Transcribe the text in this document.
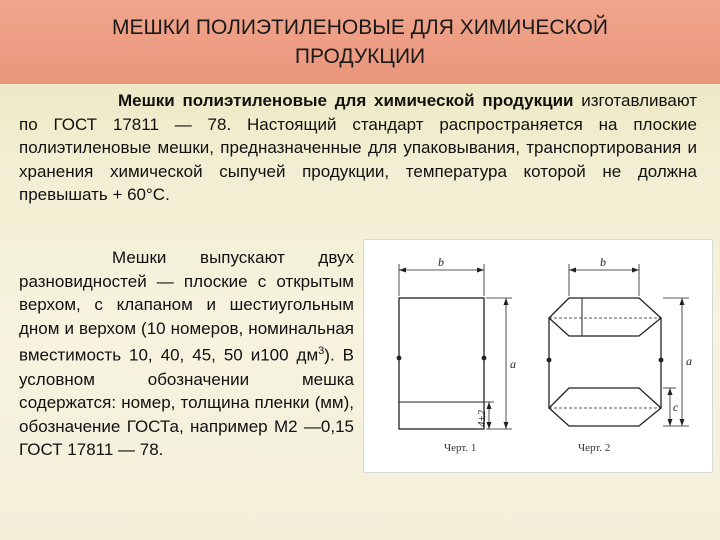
МЕШКИ ПОЛИЭТИЛЕНОВЫЕ ДЛЯ ХИМИЧЕСКОЙ ПРОДУКЦИИ

Мешки полиэтиленовые для химической продукции изготавливают по ГОСТ 17811 — 78. Настоящий стандарт распространяется на плоские полиэтиленовые мешки, предназначенные для упаковывания, транспортирования и хранения химической сыпучей продукции, температура которой не должна превышать + 60°С.

Мешки выпускают двух разновидностей — плоские с открытым верхом, с клапаном и шестиугольным дном и верхом (10 номеров, номинальная вместимость 10, 40, 45, 50 и100 $дм^3$). В условном обозначении мешка содержатся: номер, толщина пленки (мм), обозначение ГОСТа, например М2 —0,15 ГОСТ 17811 — 78.

b
a
4±2
b
a
c
Черт. 1	Черт. 2
